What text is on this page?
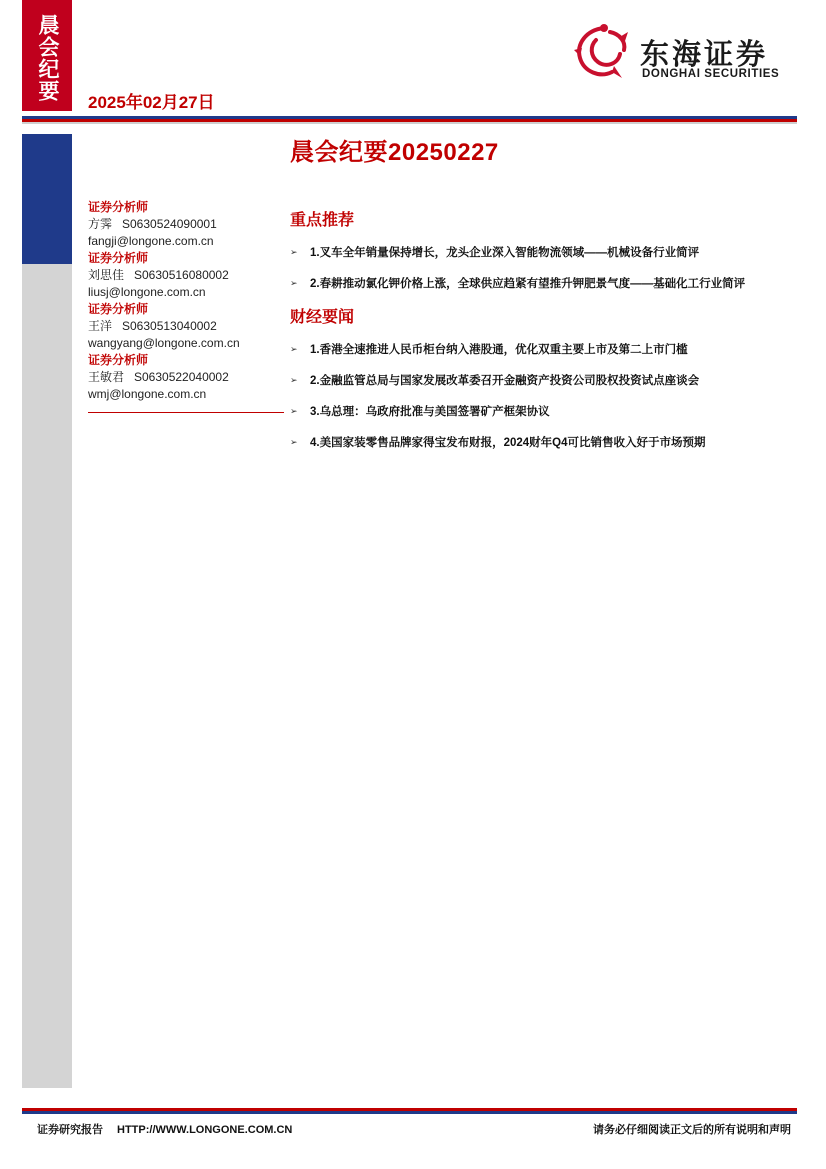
晨会纪要
2025年02月27日
东海证券
DONGHAI SECURITIES
证券分析师
方霁   S0630524090001
fangji@longone.com.cn
证券分析师
刘思佳   S0630516080002
liusj@longone.com.cn
证券分析师
王洋   S0630513040002
wangyang@longone.com.cn
证券分析师
王敏君   S0630522040002
wmj@longone.com.cn
晨会纪要20250227
重点推荐
➢	1.叉车全年销量保持增长，龙头企业深入智能物流领域——机械设备行业简评
➢	2.春耕推动氯化钾价格上涨，全球供应趋紧有望推升钾肥景气度——基础化工行业简评
财经要闻
➢	1.香港全速推进人民币柜台纳入港股通，优化双重主要上市及第二上市门槛
➢	2.金融监管总局与国家发展改革委召开金融资产投资公司股权投资试点座谈会
➢	3.乌总理：乌政府批准与美国签署矿产框架协议
➢	4.美国家装零售品牌家得宝发布财报，2024财年Q4可比销售收入好于市场预期
证券研究报告 HTTP://WWW.LONGONE.COM.CN	请务必仔细阅读正文后的所有说明和声明
